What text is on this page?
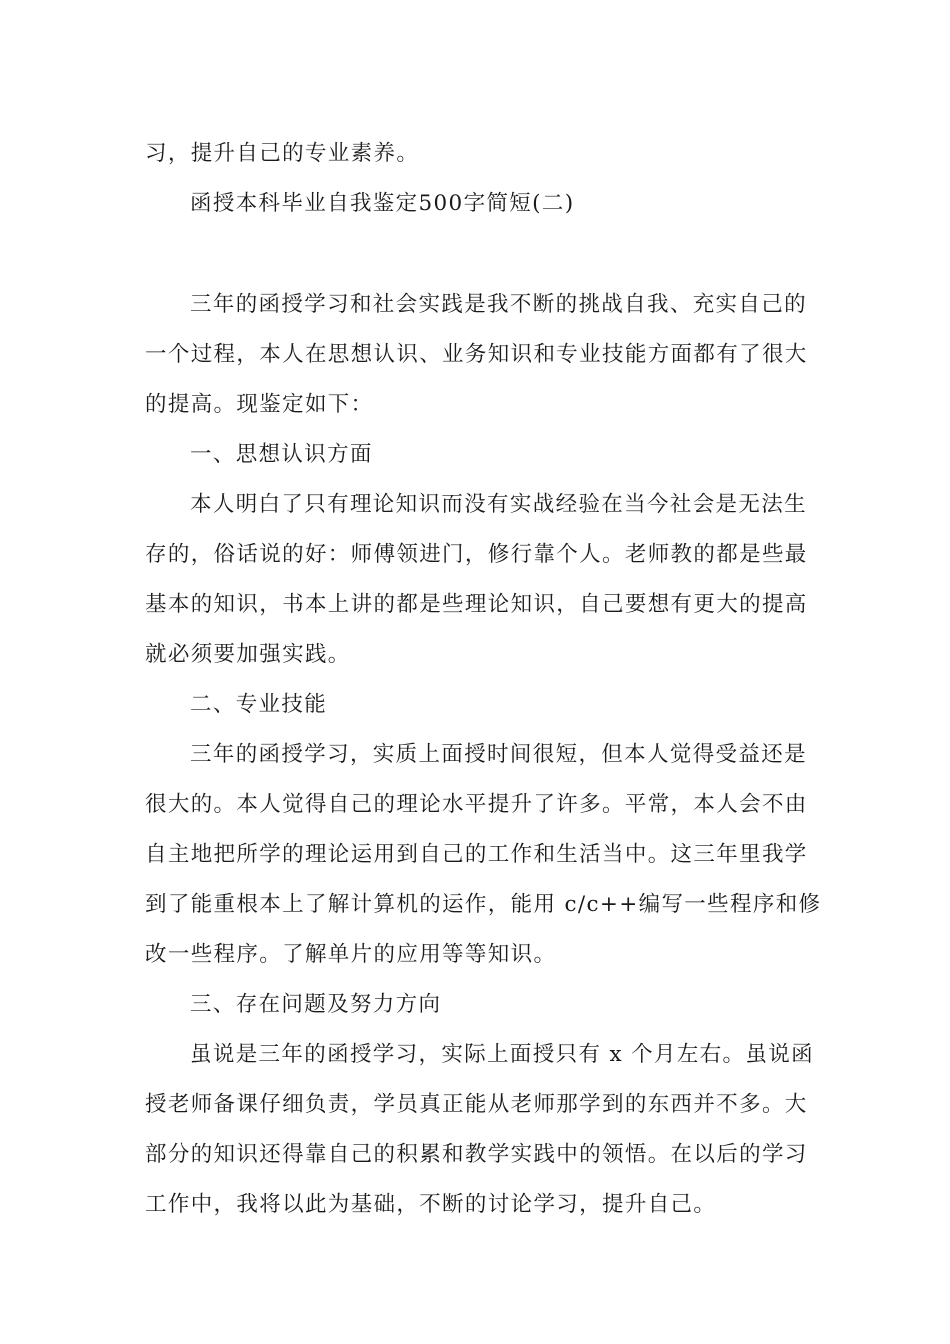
习，提升自己的专业素养。
函授本科毕业自我鉴定500字简短(二)
三年的函授学习和社会实践是我不断的挑战自我、充实自己的
一个过程，本人在思想认识、业务知识和专业技能方面都有了很大
的提高。现鉴定如下：
一、思想认识方面
本人明白了只有理论知识而没有实战经验在当今社会是无法生
存的，俗话说的好：师傅领进门，修行靠个人。老师教的都是些最
基本的知识，书本上讲的都是些理论知识，自己要想有更大的提高
就必须要加强实践。
二、专业技能
三年的函授学习，实质上面授时间很短，但本人觉得受益还是
很大的。本人觉得自己的理论水平提升了许多。平常，本人会不由
自主地把所学的理论运用到自己的工作和生活当中。这三年里我学
到了能重根本上了解计算机的运作，能用 c/c++编写一些程序和修
改一些程序。了解单片的应用等等知识。
三、存在问题及努力方向
虽说是三年的函授学习，实际上面授只有 x 个月左右。虽说函
授老师备课仔细负责，学员真正能从老师那学到的东西并不多。大
部分的知识还得靠自己的积累和教学实践中的领悟。在以后的学习
工作中，我将以此为基础，不断的讨论学习，提升自己。
